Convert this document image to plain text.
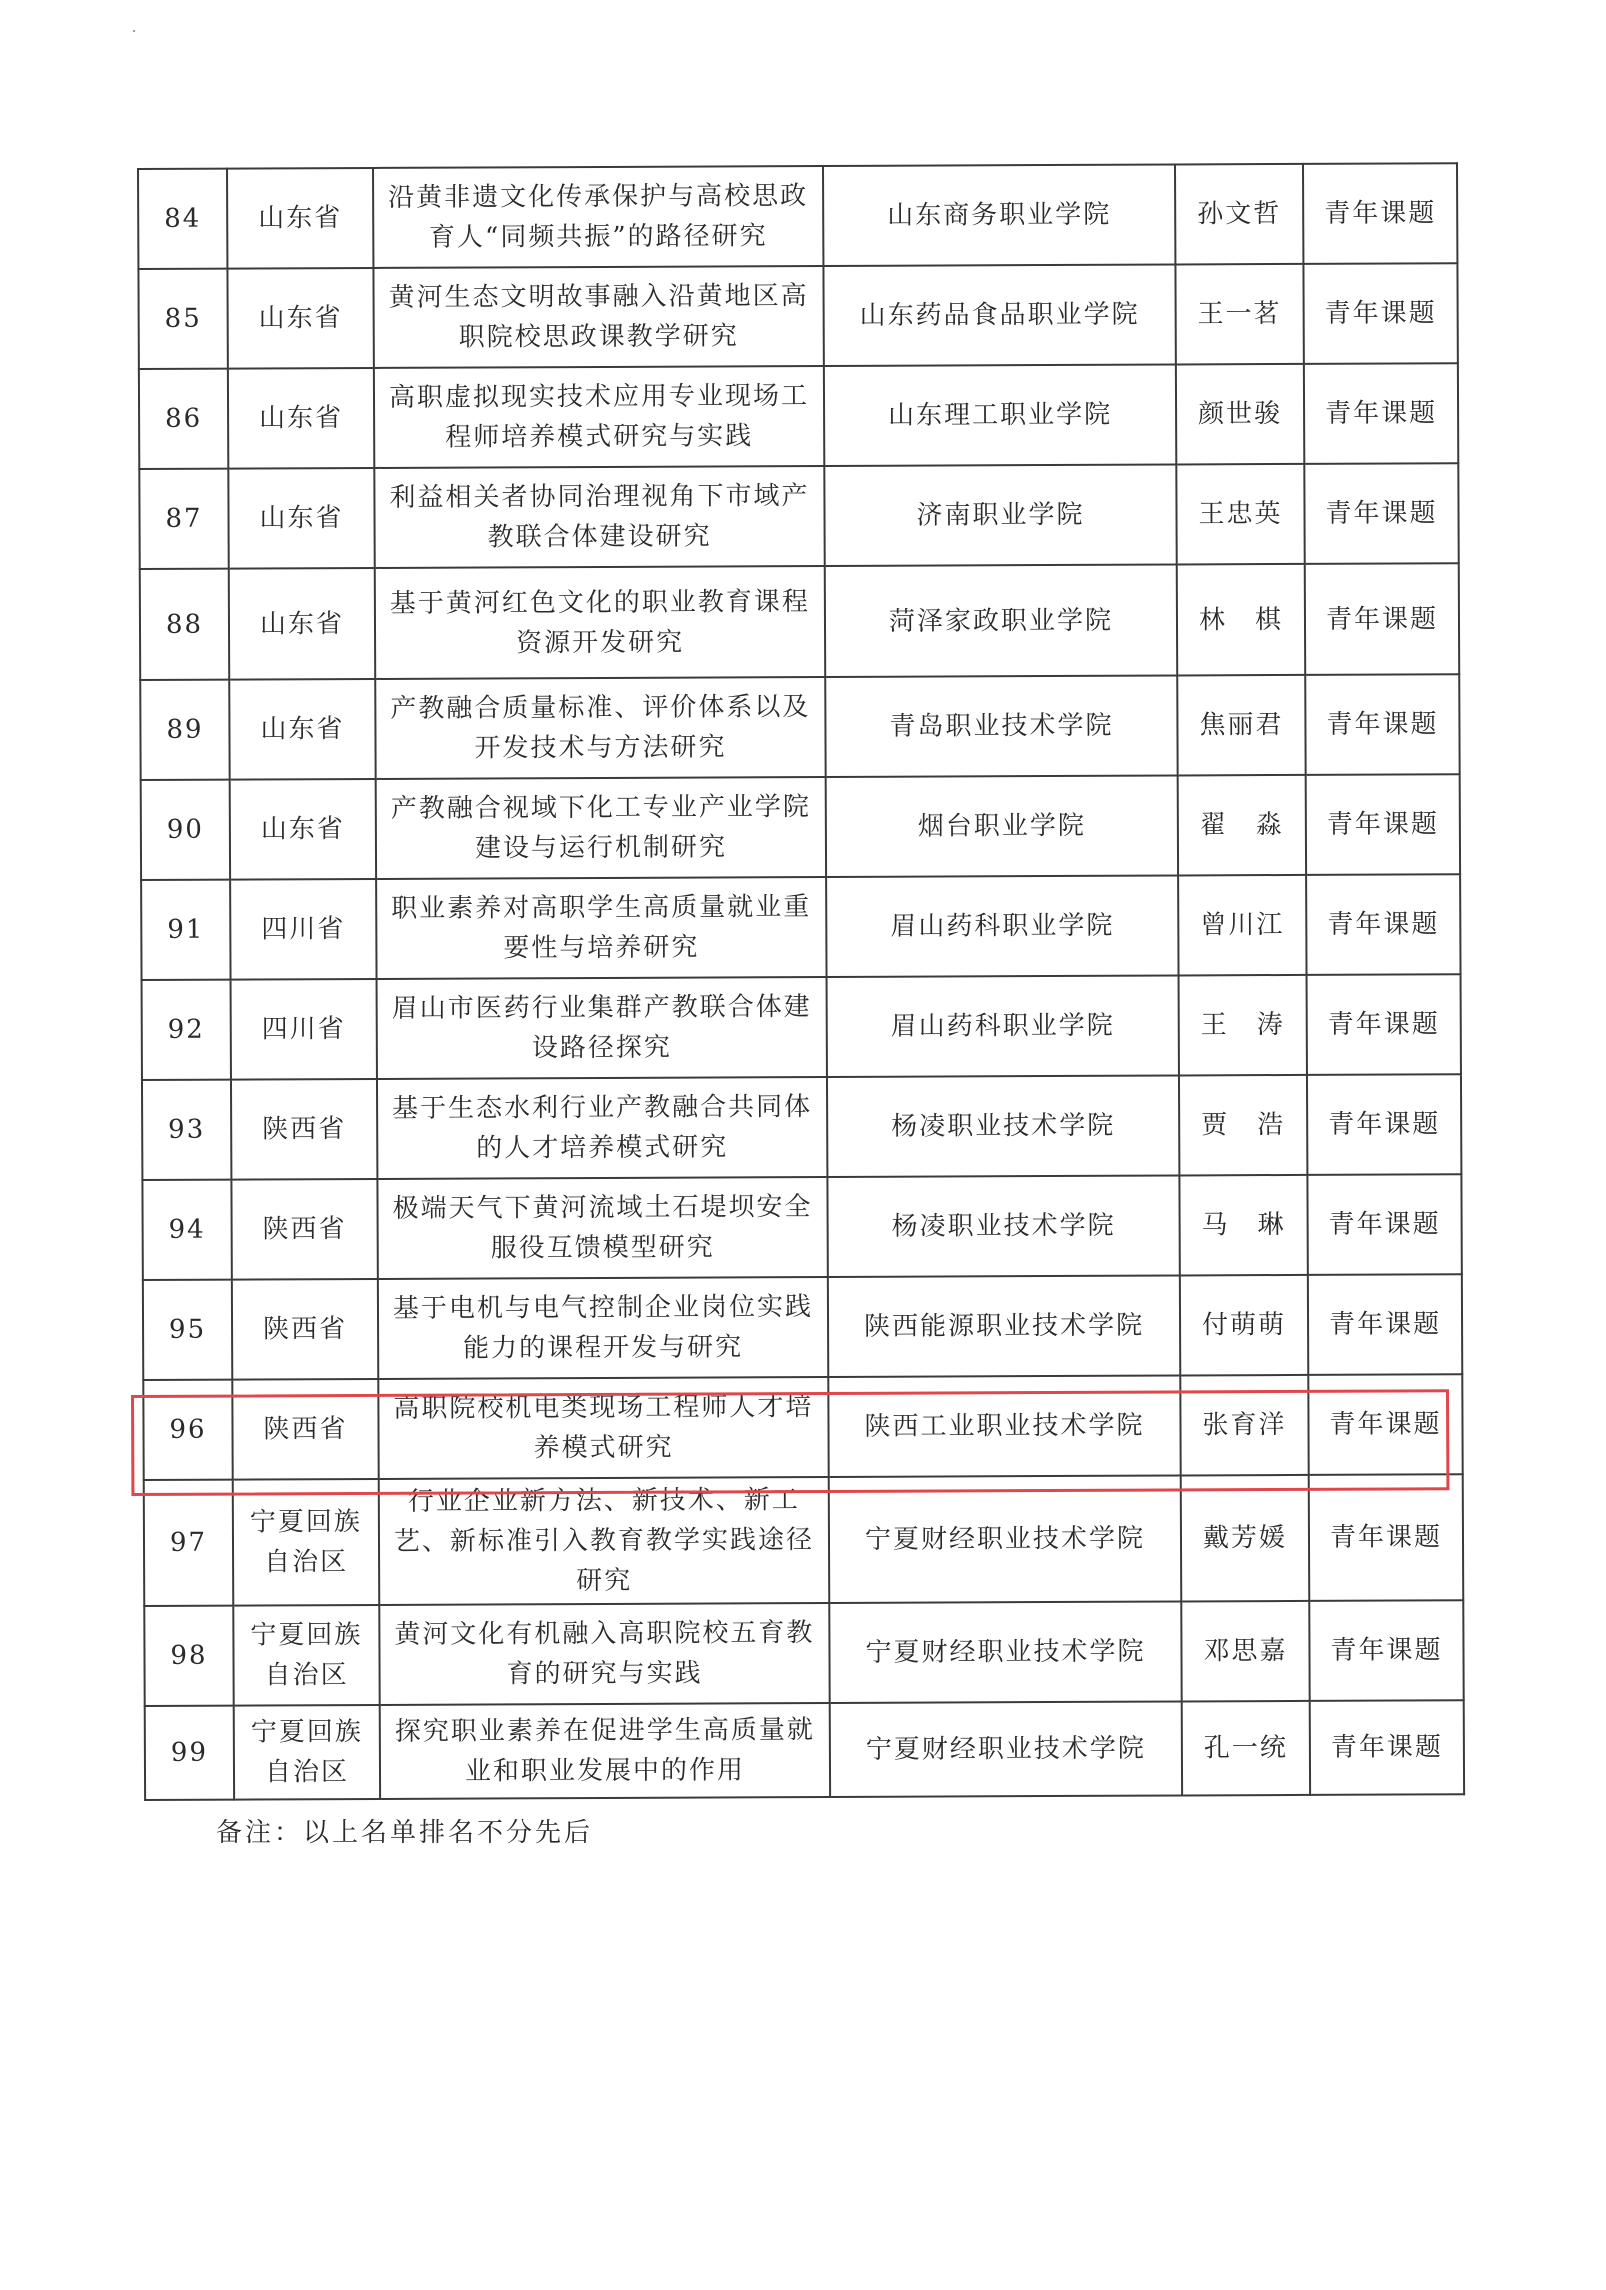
84	山东省	沿黄非遗文化传承保护与高校思政育人“同频共振”的路径研究	山东商务职业学院	孙文哲	青年课题
85	山东省	黄河生态文明故事融入沿黄地区高职院校思政课教学研究	山东药品食品职业学院	王一茗	青年课题
86	山东省	高职虚拟现实技术应用专业现场工程师培养模式研究与实践	山东理工职业学院	颜世骏	青年课题
87	山东省	利益相关者协同治理视角下市域产教联合体建设研究	济南职业学院	王忠英	青年课题
88	山东省	基于黄河红色文化的职业教育课程资源开发研究	菏泽家政职业学院	林　棋	青年课题
89	山东省	产教融合质量标准、评价体系以及开发技术与方法研究	青岛职业技术学院	焦丽君	青年课题
90	山东省	产教融合视域下化工专业产业学院建设与运行机制研究	烟台职业学院	翟　淼	青年课题
91	四川省	职业素养对高职学生高质量就业重要性与培养研究	眉山药科职业学院	曾川江	青年课题
92	四川省	眉山市医药行业集群产教联合体建设路径探究	眉山药科职业学院	王　涛	青年课题
93	陕西省	基于生态水利行业产教融合共同体的人才培养模式研究	杨凌职业技术学院	贾　浩	青年课题
94	陕西省	极端天气下黄河流域土石堤坝安全服役互馈模型研究	杨凌职业技术学院	马　琳	青年课题
95	陕西省	基于电机与电气控制企业岗位实践能力的课程开发与研究	陕西能源职业技术学院	付萌萌	青年课题
96	陕西省	高职院校机电类现场工程师人才培养模式研究	陕西工业职业技术学院	张育洋	青年课题
97	宁夏回族自治区	行业企业新方法、新技术、新工艺、新标准引入教育教学实践途径研究	宁夏财经职业技术学院	戴芳媛	青年课题
98	宁夏回族自治区	黄河文化有机融入高职院校五育教育的研究与实践	宁夏财经职业技术学院	邓思嘉	青年课题
99	宁夏回族自治区	探究职业素养在促进学生高质量就业和职业发展中的作用	宁夏财经职业技术学院	孔一统	青年课题
备注：以上名单排名不分先后
